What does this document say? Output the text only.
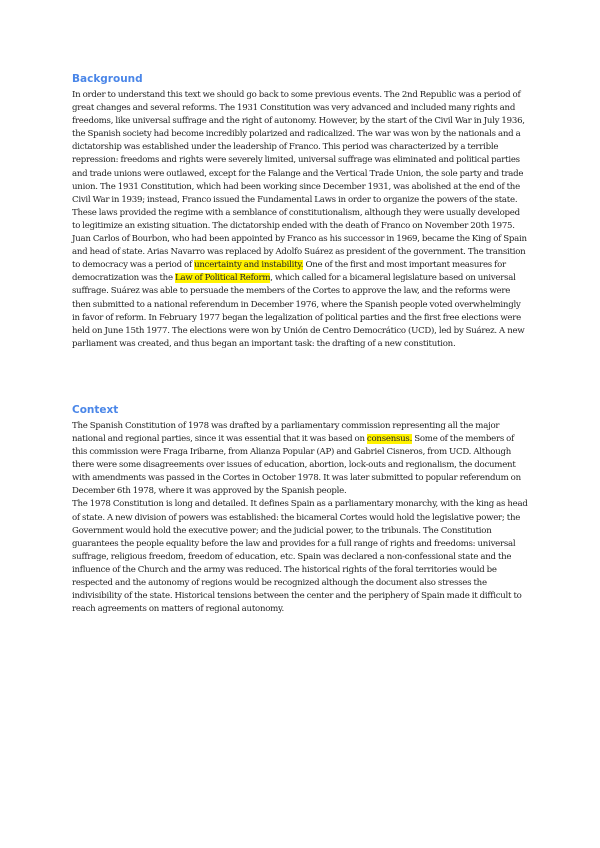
Background

In order to understand this text we should go back to some previous events. The 2nd Republic was a period of great changes and several reforms. The 1931 Constitution was very advanced and included many rights and freedoms, like universal suffrage and the right of autonomy. However, by the start of the Civil War in July 1936, the Spanish society had become incredibly polarized and radicalized. The war was won by the nationals and a dictatorship was established under the leadership of Franco. This period was characterized by a terrible repression: freedoms and rights were severely limited, universal suffrage was eliminated and political parties and trade unions were outlawed, except for the Falange and the Vertical Trade Union, the sole party and trade union. The 1931 Constitution, which had been working since December 1931, was abolished at the end of the Civil War in 1939; instead, Franco issued the Fundamental Laws in order to organize the powers of the state. These laws provided the regime with a semblance of constitutionalism, although they were usually developed to legitimize an existing situation. The dictatorship ended with the death of Franco on November 20th 1975. Juan Carlos of Bourbon, who had been appointed by Franco as his successor in 1969, became the King of Spain and head of state. Arias Navarro was replaced by Adolfo Suárez as president of the government. The transition to democracy was a period of uncertainty and instability. One of the first and most important measures for democratization was the Law of Political Reform, which called for a bicameral legislature based on universal suffrage. Suárez was able to persuade the members of the Cortes to approve the law, and the reforms were then submitted to a national referendum in December 1976, where the Spanish people voted overwhelmingly in favor of reform. In February 1977 began the legalization of political parties and the first free elections were held on June 15th 1977. The elections were won by Unión de Centro Democrático (UCD), led by Suárez. A new parliament was created, and thus began an important task: the drafting of a new constitution.

Context

The Spanish Constitution of 1978 was drafted by a parliamentary commission representing all the major national and regional parties, since it was essential that it was based on consensus. Some of the members of this commission were Fraga Iribarne, from Alianza Popular (AP) and Gabriel Cisneros, from UCD. Although there were some disagreements over issues of education, abortion, lock-outs and regionalism, the document with amendments was passed in the Cortes in October 1978. It was later submitted to popular referendum on December 6th 1978, where it was approved by the Spanish people.

The 1978 Constitution is long and detailed. It defines Spain as a parliamentary monarchy, with the king as head of state. A new division of powers was established: the bicameral Cortes would hold the legislative power; the Government would hold the executive power; and the judicial power, to the tribunals. The Constitution guarantees the people equality before the law and provides for a full range of rights and freedoms: universal suffrage, religious freedom, freedom of education, etc. Spain was declared a non-confessional state and the influence of the Church and the army was reduced. The historical rights of the foral territories would be respected and the autonomy of regions would be recognized although the document also stresses the indivisibility of the state. Historical tensions between the center and the periphery of Spain made it difficult to reach agreements on matters of regional autonomy.
